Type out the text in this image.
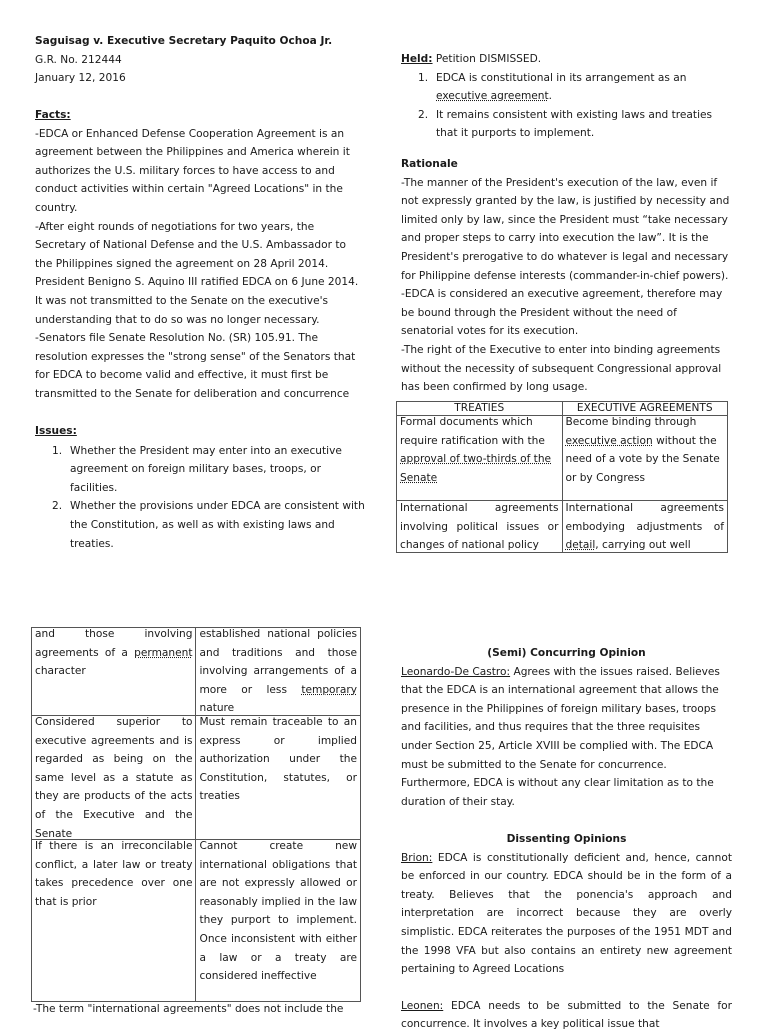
Saguisag v. Executive Secretary Paquito Ochoa Jr.

G.R. No. 212444

January 12, 2016

Facts:

-EDCA or Enhanced Defense Cooperation Agreement is an agreement between the Philippines and America wherein it authorizes the U.S. military forces to have access to and conduct activities within certain "Agreed Locations" in the country.

-After eight rounds of negotiations for two years, the Secretary of National Defense and the U.S. Ambassador to the Philippines signed the agreement on 28 April 2014. President Benigno S. Aquino III ratified EDCA on 6 June 2014. It was not transmitted to the Senate on the executive's understanding that to do so was no longer necessary.

-Senators file Senate Resolution No. (SR) 105.91. The resolution expresses the "strong sense" of the Senators that for EDCA to become valid and effective, it must first be transmitted to the Senate for deliberation and concurrence

Issues:

1. Whether the President may enter into an executive agreement on foreign military bases, troops, or facilities.
2. Whether the provisions under EDCA are consistent with the Constitution, as well as with existing laws and treaties.

Held: Petition DISMISSED.

1. EDCA is constitutional in its arrangement as an executive agreement.
2. It remains consistent with existing laws and treaties that it purports to implement.

Rationale

-The manner of the President's execution of the law, even if not expressly granted by the law, is justified by necessity and limited only by law, since the President must “take necessary and proper steps to carry into execution the law”. It is the President's prerogative to do whatever is legal and necessary for Philippine defense interests (commander-in-chief powers).

-EDCA is considered an executive agreement, therefore may be bound through the President without the need of senatorial votes for its execution.

-The right of the Executive to enter into binding agreements without the necessity of subsequent Congressional approval has been confirmed by long usage.

TREATIES	EXECUTIVE AGREEMENTS

Formal documents which require ratification with the approval of two-thirds of the Senate	Become binding through executive action without the need of a vote by the Senate or by Congress

International agreements involving political issues or changes of national policy	International agreements embodying adjustments of detail, carrying out well
and those involving agreements of a permanent character	established national policies and traditions and those involving arrangements of a more or less temporary nature

Considered superior to executive agreements and is regarded as being on the same level as a statute as they are products of the acts of the Executive and the Senate	Must remain traceable to an express or implied authorization under the Constitution, statutes, or treaties

If there is an irreconcilable conflict, a later law or treaty takes precedence over one that is prior	Cannot create new international obligations that are not expressly allowed or reasonably implied in the law they purport to implement. Once inconsistent with either a law or a treaty are considered ineffective
-The term "international agreements" does not include the

(Semi) Concurring Opinion

Leonardo-De Castro: Agrees with the issues raised. Believes that the EDCA is an international agreement that allows the presence in the Philippines of foreign military bases, troops and facilities, and thus requires that the three requisites under Section 25, Article XVIII be complied with. The EDCA must be submitted to the Senate for concurrence. Furthermore, EDCA is without any clear limitation as to the duration of their stay.

Dissenting Opinions

Brion: EDCA is constitutionally deficient and, hence, cannot be enforced in our country. EDCA should be in the form of a treaty. Believes that the ponencia's approach and interpretation are incorrect because they are overly simplistic. EDCA reiterates the purposes of the 1951 MDT and the 1998 VFA but also contains an entirety new agreement pertaining to Agreed Locations

Leonen: EDCA needs to be submitted to the Senate for concurrence. It involves a key political issue that
